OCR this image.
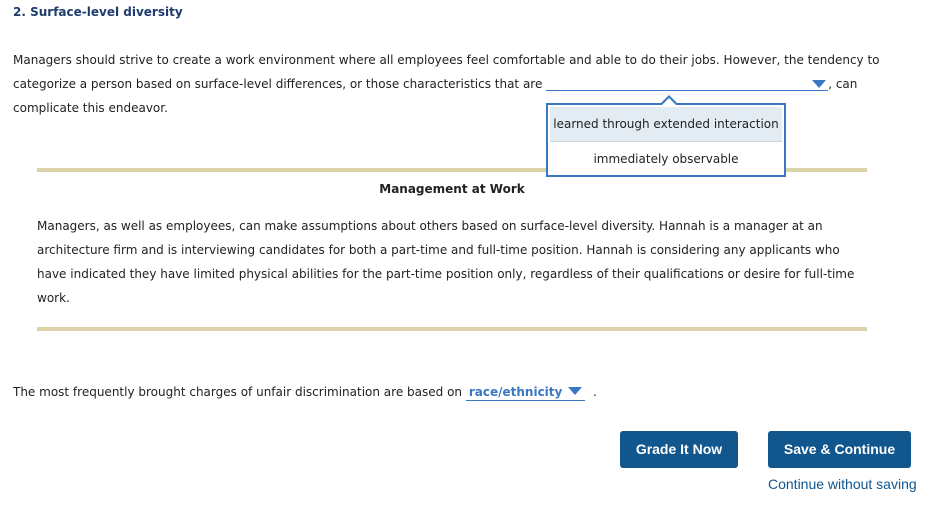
2. Surface-level diversity
Managers should strive to create a work environment where all employees feel comfortable and able to do their jobs. However, the tendency to categorize a person based on surface-level differences, or those characteristics that are	, can complicate this endeavor.
learned through extended interaction
immediately observable
Management at Work
Managers, as well as employees, can make assumptions about others based on surface-level diversity. Hannah is a manager at an architecture firm and is interviewing candidates for both a part-time and full-time position. Hannah is considering any applicants who have indicated they have limited physical abilities for the part-time position only, regardless of their qualifications or desire for full-time work.
The most frequently brought charges of unfair discrimination are based on race/ethnicity	.
Grade It Now	Save & Continue
Continue without saving
